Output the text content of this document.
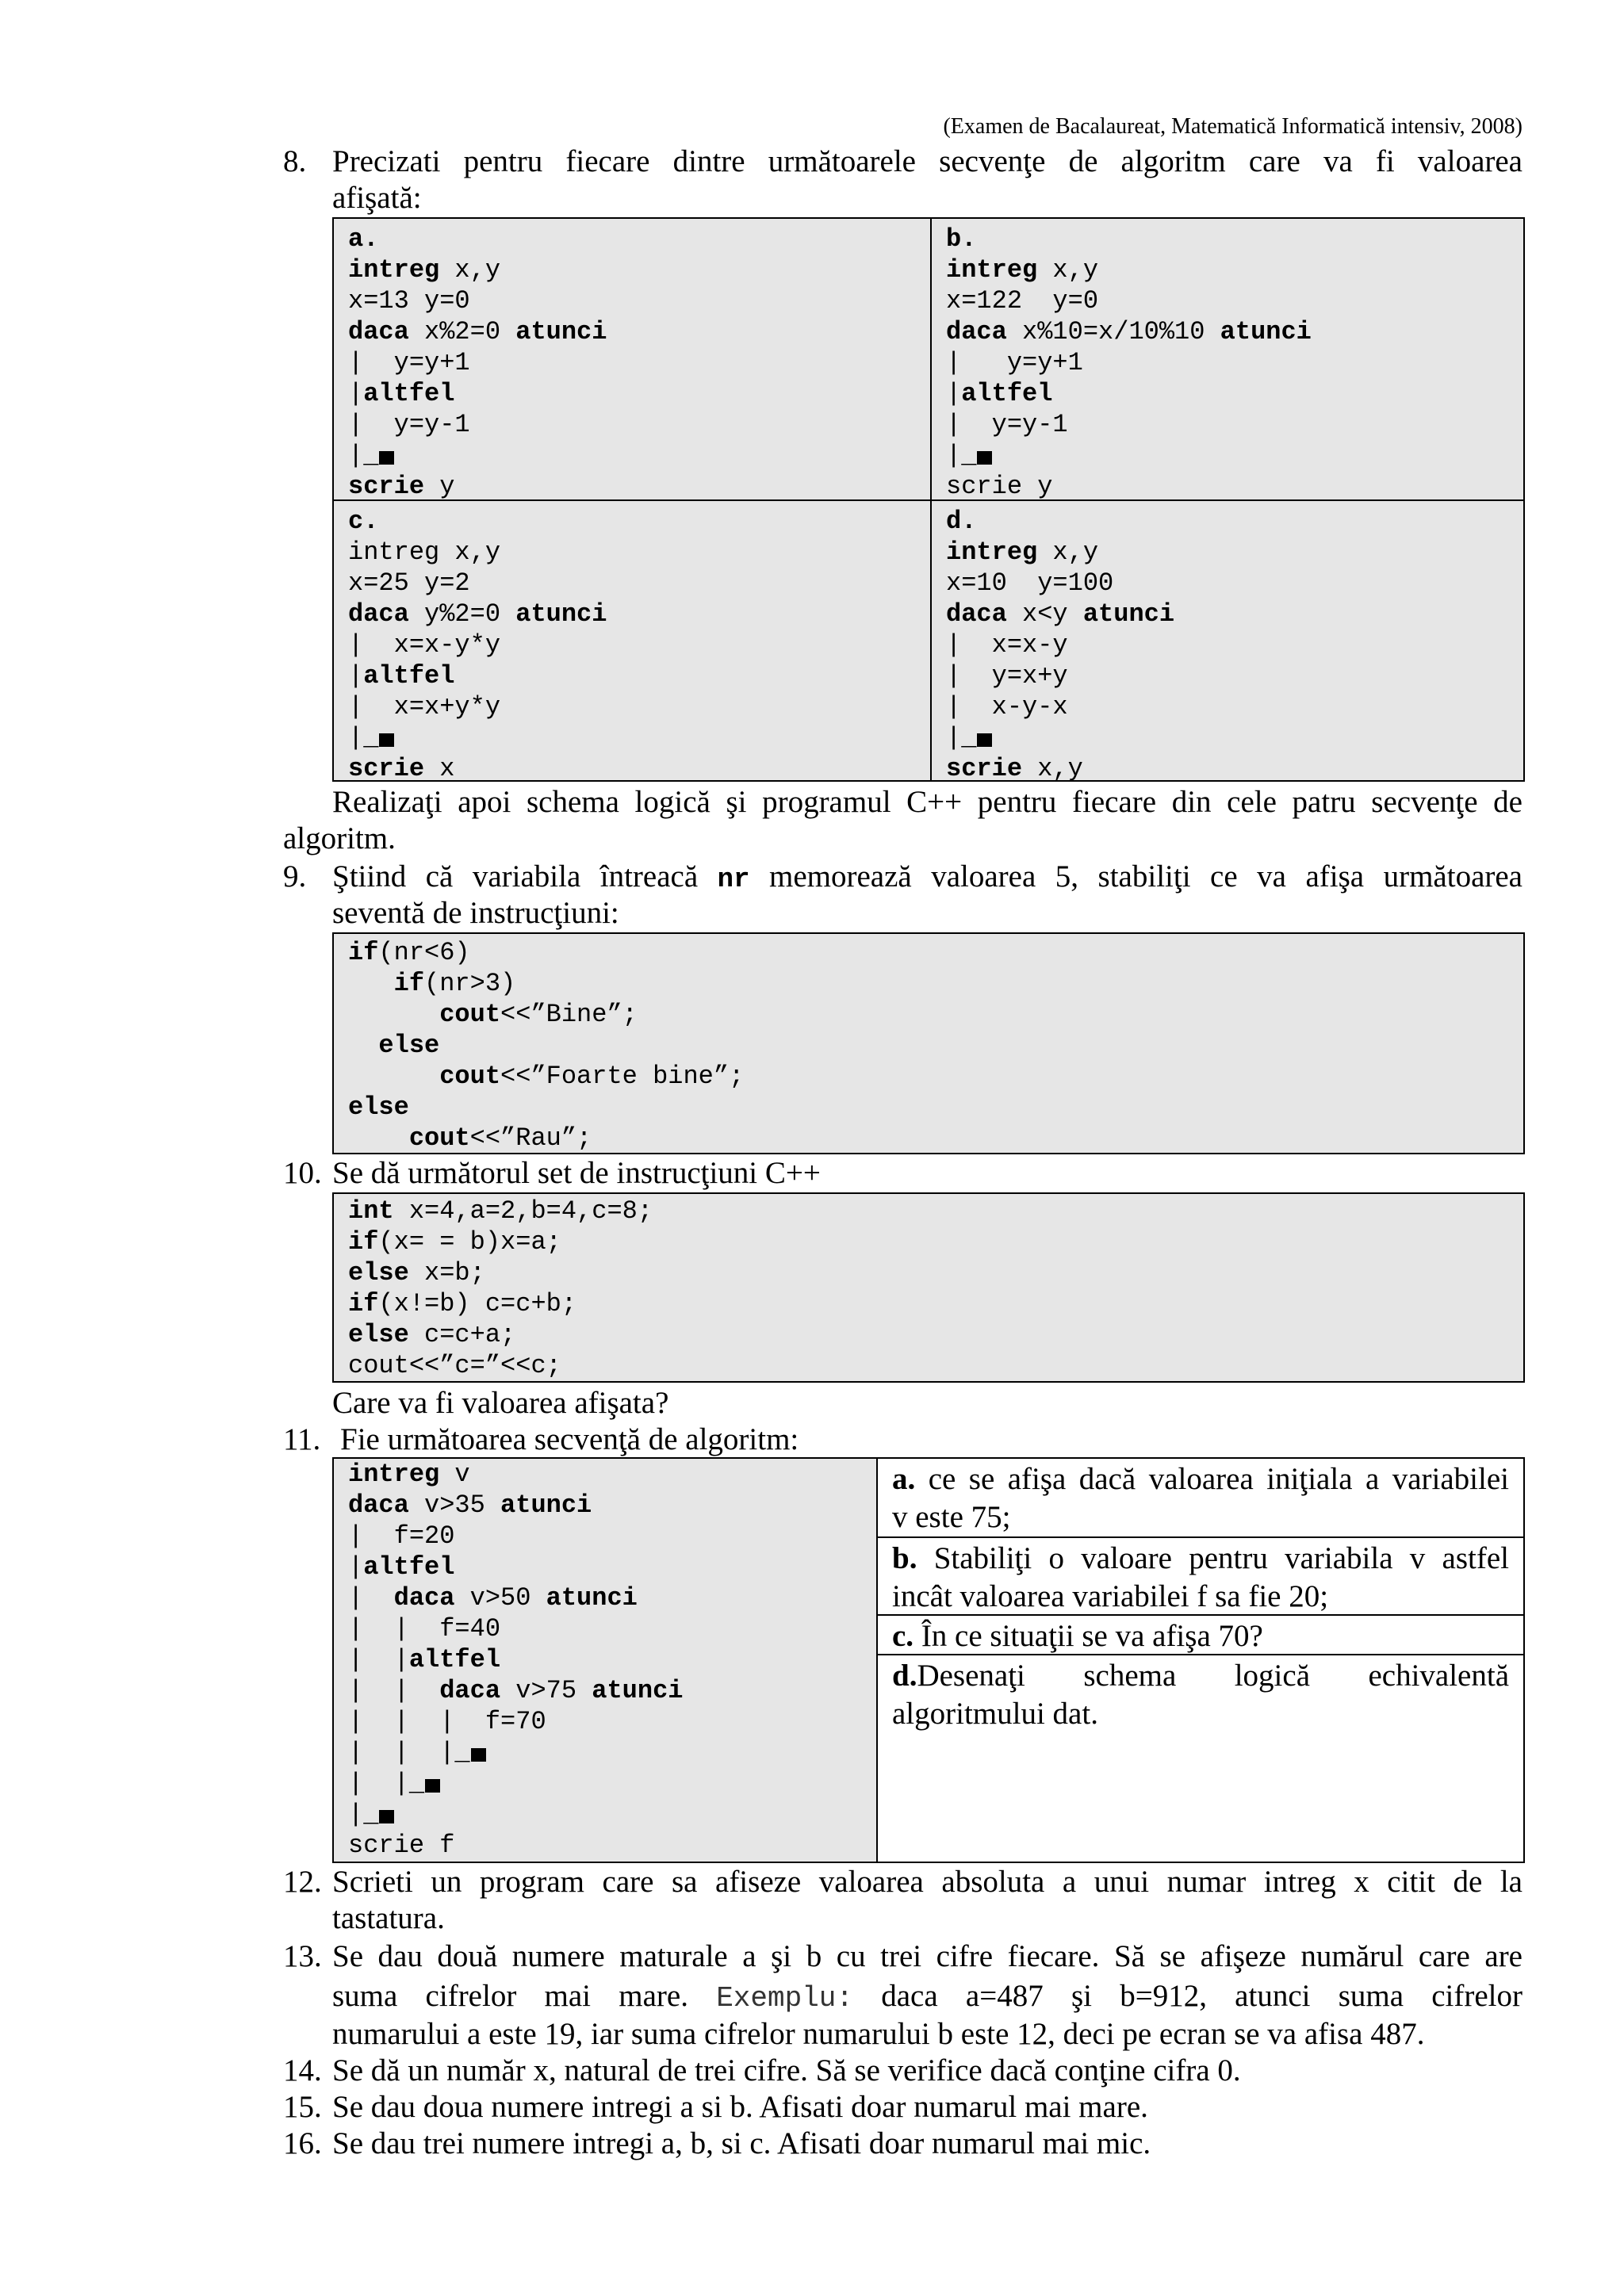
(Examen de Bacalaureat, Matematică Informatică intensiv, 2008)
8. Precizati pentru fiecare dintre următoarele secvenţe de algoritm care va fi valoarea
afişată:
a.
intreg x,y
x=13 y=0
daca x%2=0 atunci
|  y=y+1
|altfel
|  y=y-1
|_
scrie y
b.
intreg x,y
x=122  y=0
daca x%10=x/10%10 atunci
|   y=y+1
|altfel
|  y=y-1
|_
scrie y
c.
intreg x,y
x=25 y=2
daca y%2=0 atunci
|  x=x-y*y
|altfel
|  x=x+y*y
|_
scrie x
d.
intreg x,y
x=10  y=100
daca x<y atunci
|  x=x-y
|  y=x+y
|  x-y-x
|_
scrie x,y
Realizaţi apoi schema logică şi programul C++ pentru fiecare din cele patru secvenţe de
algoritm.
9. Ştiind că variabila întreacă nr memorează valoarea 5, stabiliţi ce va afişa următoarea
seventă de instrucţiuni:
if(nr<6)
if(nr>3)
cout<<”Bine”;
else
cout<<”Foarte bine”;
else
cout<<”Rau”;
10. Se dă următorul set de instrucţiuni C++
int x=4,a=2,b=4,c=8;
if(x= = b)x=a;
else x=b;
if(x!=b) c=c+b;
else c=c+a;
cout<<”c=”<<c;
Care va fi valoarea afişata?
11. Fie următoarea secvenţă de algoritm:
intreg v
daca v>35 atunci
|  f=20
|altfel
|  daca v>50 atunci
|  |  f=40
|  |altfel
|  |  daca v>75 atunci
|  |  |  f=70
|  |  |_
|  |_
|_
scrie f
a. ce se afişa dacă valoarea iniţiala a variabilei
v este 75;
b. Stabiliţi o valoare pentru variabila v astfel
incât valoarea variabilei f sa fie 20;
c. În ce situaţii se va afişa 70?
d.Desenaţi schema logică echivalentă
algoritmului dat.
12. Scrieti un program care sa afiseze valoarea absoluta a unui numar intreg x citit de la
tastatura.
13. Se dau două numere maturale a şi b cu trei cifre fiecare. Să se afişeze numărul care are
suma cifrelor mai mare. Exemplu: daca a=487 şi b=912, atunci suma cifrelor
numarului a este 19, iar suma cifrelor numarului b este 12, deci pe ecran se va afisa 487.
14. Se dă un număr x, natural de trei cifre. Să se verifice dacă conţine cifra 0.
15. Se dau doua numere intregi a si b. Afisati doar numarul mai mare.
16. Se dau trei numere intregi a, b, si c. Afisati doar numarul mai mic.
